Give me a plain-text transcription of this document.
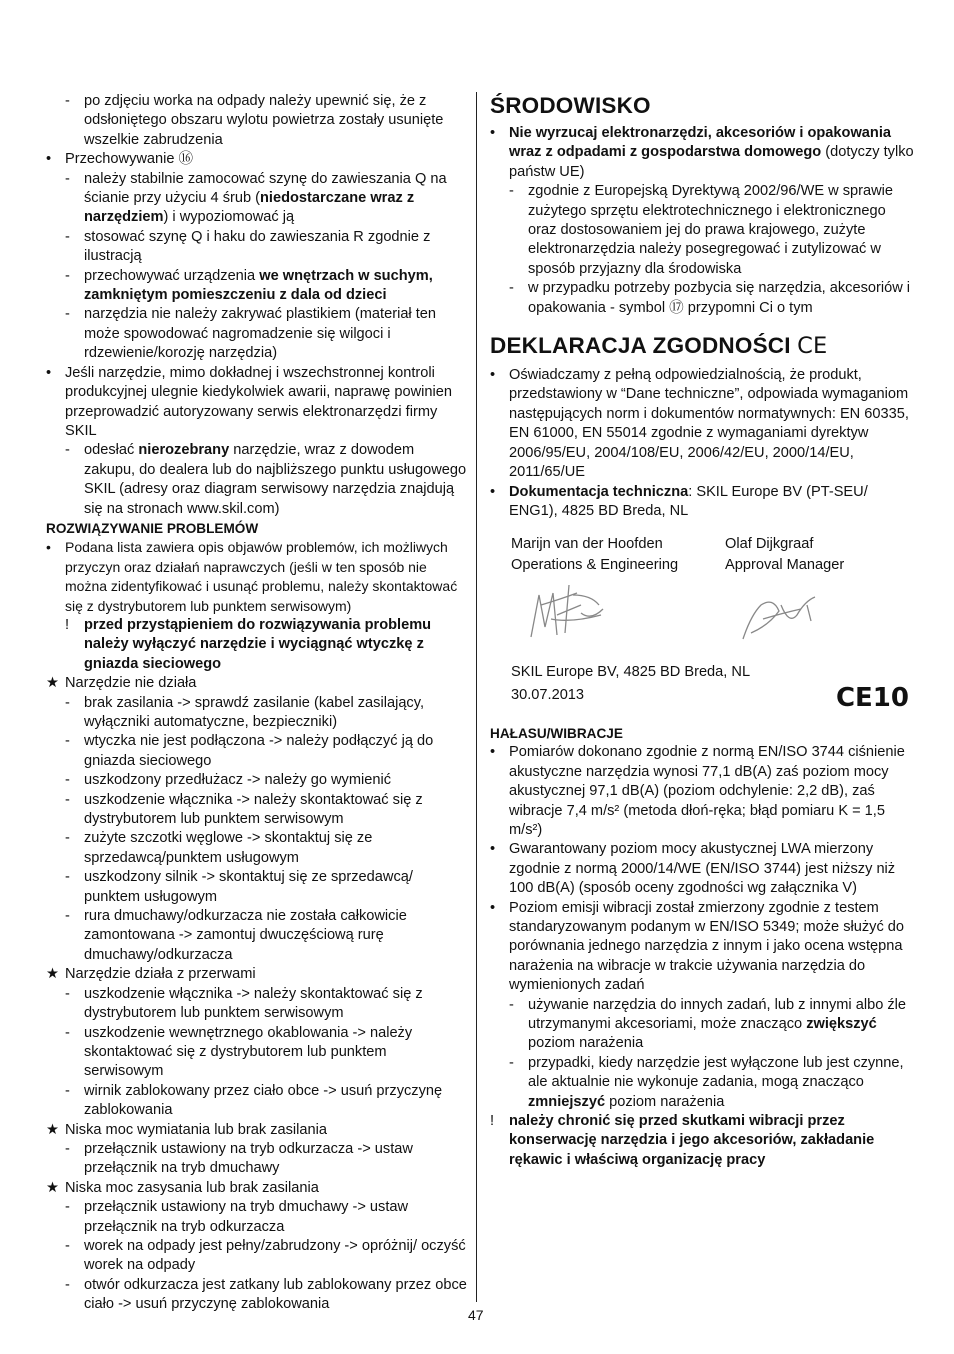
- po zdjęciu worka na odpady należy upewnić się, że z odsłoniętego obszaru wylotu powietrza zostały usunięte wszelkie zabrudzenia
• Przechowywanie ⑯
- należy stabilnie zamocować szynę do zawieszania Q na ścianie przy użyciu 4 śrub (niedostarczane wraz z narzędziem) i wypoziomować ją
- stosować szynę Q i haku do zawieszania R zgodnie z ilustracją
- przechowywać urządzenia we wnętrzach w suchym, zamkniętym pomieszczeniu z dala od dzieci
- narzędzia nie należy zakrywać plastikiem (materiał ten może spowodować nagromadzenie się wilgoci i rdzewienie/korozję narzędzia)
• Jeśli narzędzie, mimo dokładnej i wszechstronnej kontroli produkcyjnej ulegnie kiedykolwiek awarii, naprawę powinien przeprowadzić autoryzowany serwis elektronarzędzi firmy SKIL
- odesłać nierozebrany narzędzie, wraz z dowodem zakupu, do dealera lub do najbliższego punktu usługowego SKIL (adresy oraz diagram serwisowy narzędzia znajdują się na stronach www.skil.com)
ROZWIĄZYWANIE PROBLEMÓW
•	Podana lista zawiera opis objawów problemów, ich możliwych przyczyn oraz działań naprawczych (jeśli w ten sposób nie można zidentyfikować i usunąć problemu, należy skontaktować się z dystrybutorem lub punktem serwisowym)
!	przed przystąpieniem do rozwiązywania problemu należy wyłączyć narzędzie i wyciągnąć wtyczkę z gniazda sieciowego
★ Narzędzie nie działa
- brak zasilania -> sprawdź zasilanie (kabel zasilający, wyłączniki automatyczne, bezpieczniki)
- wtyczka nie jest podłączona -> należy podłączyć ją do gniazda sieciowego
- uszkodzony przedłużacz -> należy go wymienić
- uszkodzenie włącznika -> należy skontaktować się z dystrybutorem lub punktem serwisowym
- zużyte szczotki węglowe -> skontaktuj się ze sprzedawcą/punktem usługowym
- uszkodzony silnik -> skontaktuj się ze sprzedawcą/ punktem usługowym
- rura dmuchawy/odkurzacza nie została całkowicie zamontowana -> zamontuj dwuczęściową rurę dmuchawy/odkurzacza
★ Narzędzie działa z przerwami
- uszkodzenie włącznika -> należy skontaktować się z dystrybutorem lub punktem serwisowym
- uszkodzenie wewnętrznego okablowania -> należy skontaktować się z dystrybutorem lub punktem serwisowym
- wirnik zablokowany przez ciało obce -> usuń przyczynę zablokowania
★ Niska moc wymiatania lub brak zasilania
- przełącznik ustawiony na tryb odkurzacza -> ustaw przełącznik na tryb dmuchawy
★ Niska moc zasysania lub brak zasilania
- przełącznik ustawiony na tryb dmuchawy -> ustaw przełącznik na tryb odkurzacza
- worek na odpady jest pełny/zabrudzony -> opróżnij/ oczyść worek na odpady
- otwór odkurzacza jest zatkany lub zablokowany przez obce ciało -> usuń przyczynę zablokowania
ŚRODOWISKO
• Nie wyrzucaj elektronarzędzi, akcesoriów i opakowania wraz z odpadami z gospodarstwa domowego (dotyczy tylko państw UE)
- zgodnie z Europejską Dyrektywą 2002/96/WE w sprawie zużytego sprzętu elektrotechnicznego i elektronicznego oraz dostosowaniem jej do prawa krajowego, zużyte elektronarzędzia należy posegregować i zutylizować w sposób przyjazny dla środowiska
- w przypadku potrzeby pozbycia się narzędzia, akcesoriów i opakowania - symbol ⑰ przypomni Ci o tym
DEKLARACJA ZGODNOŚCI CE
• Oświadczamy z pełną odpowiedzialnością, że produkt, przedstawiony w “Dane techniczne”, odpowiada wymaganiom następujących norm i dokumentów normatywnych: EN 60335, EN 61000, EN 55014 zgodnie z wymaganiami dyrektyw 2006/95/EU, 2004/108/EU, 2006/42/EU, 2000/14/EU, 2011/65/UE
• Dokumentacja techniczna: SKIL Europe BV (PT-SEU/ ENG1), 4825 BD Breda, NL
Marijn van der Hoofden	Olaf Dijkgraaf
Operations & Engineering	Approval Manager
SKIL Europe BV, 4825 BD Breda, NL
30.07.2013	CE10
HAŁASU/WIBRACJE
• Pomiarów dokonano zgodnie z normą EN/ISO 3744 ciśnienie akustyczne narzędzia wynosi 77,1 dB(A) zaś poziom mocy akustycznej 97,1 dB(A) (poziom odchylenie: 2,2 dB), zaś wibracje 7,4 m/s² (metoda dłoń-ręka; błąd pomiaru K = 1,5 m/s²)
• Gwarantowany poziom mocy akustycznej LWA mierzony zgodnie z normą 2000/14/WE (EN/ISO 3744) jest niższy niż 100 dB(A) (sposób oceny zgodności wg załącznika V)
• Poziom emisji wibracji został zmierzony zgodnie z testem standaryzowanym podanym w EN/ISO 5349; może służyć do porównania jednego narzędzia z innym i jako ocena wstępna narażenia na wibracje w trakcie używania narzędzia do wymienionych zadań
- używanie narzędzia do innych zadań, lub z innymi albo źle utrzymanymi akcesoriami, może znacząco zwiększyć poziom narażenia
- przypadki, kiedy narzędzie jest wyłączone lub jest czynne, ale aktualnie nie wykonuje zadania, mogą znacząco zmniejszyć poziom narażenia
!	należy chronić się przed skutkami wibracji przez konserwację narzędzia i jego akcesoriów, zakładanie rękawic i właściwą organizację pracy
47
